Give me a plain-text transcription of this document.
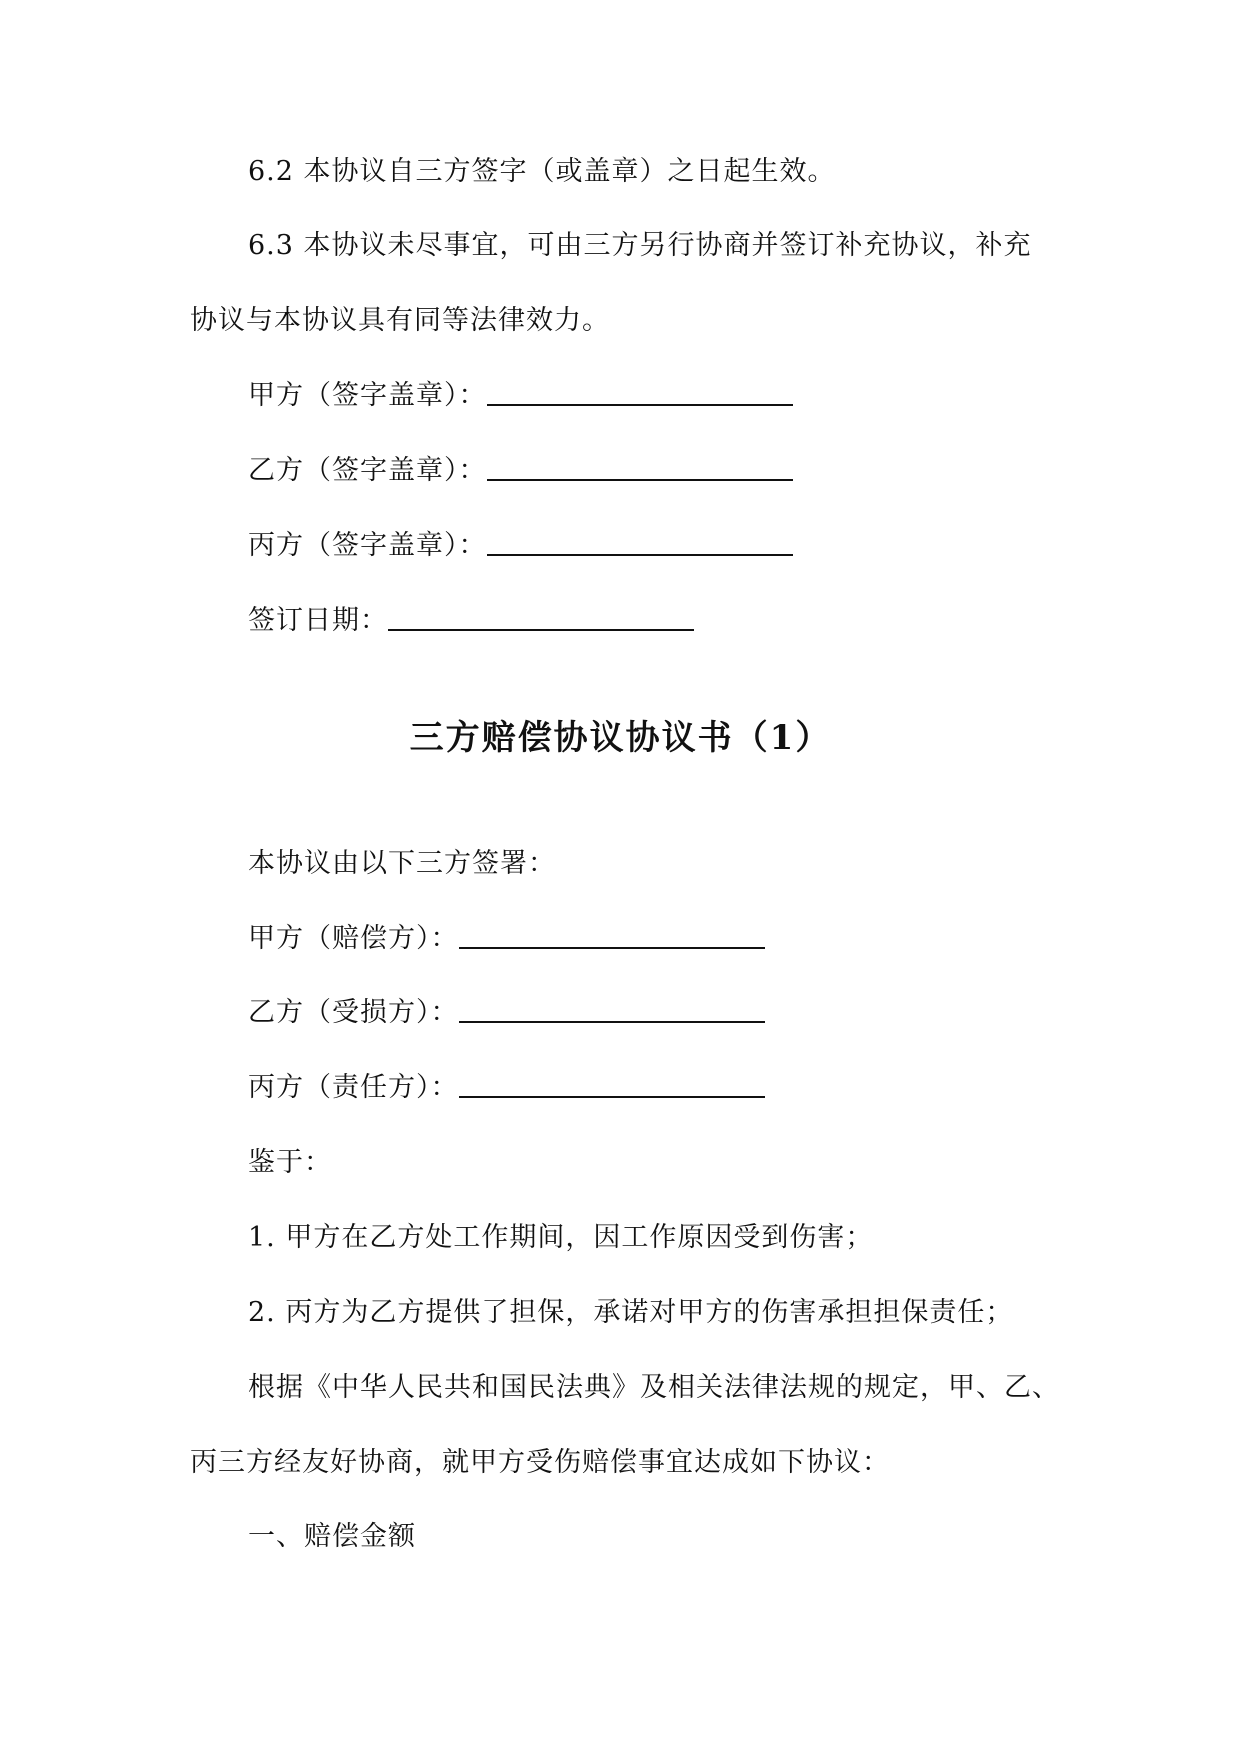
6.2 本协议自三方签字（或盖章）之日起生效。
6.3 本协议未尽事宜，可由三方另行协商并签订补充协议，补充
协议与本协议具有同等法律效力。
甲方（签字盖章）：
乙方（签字盖章）：
丙方（签字盖章）：
签订日期：
三方赔偿协议协议书（1）
本协议由以下三方签署：
甲方（赔偿方）：
乙方（受损方）：
丙方（责任方）：
鉴于：
1. 甲方在乙方处工作期间，因工作原因受到伤害；
2. 丙方为乙方提供了担保，承诺对甲方的伤害承担担保责任；
根据《中华人民共和国民法典》及相关法律法规的规定，甲、乙、
丙三方经友好协商，就甲方受伤赔偿事宜达成如下协议：
一、赔偿金额
